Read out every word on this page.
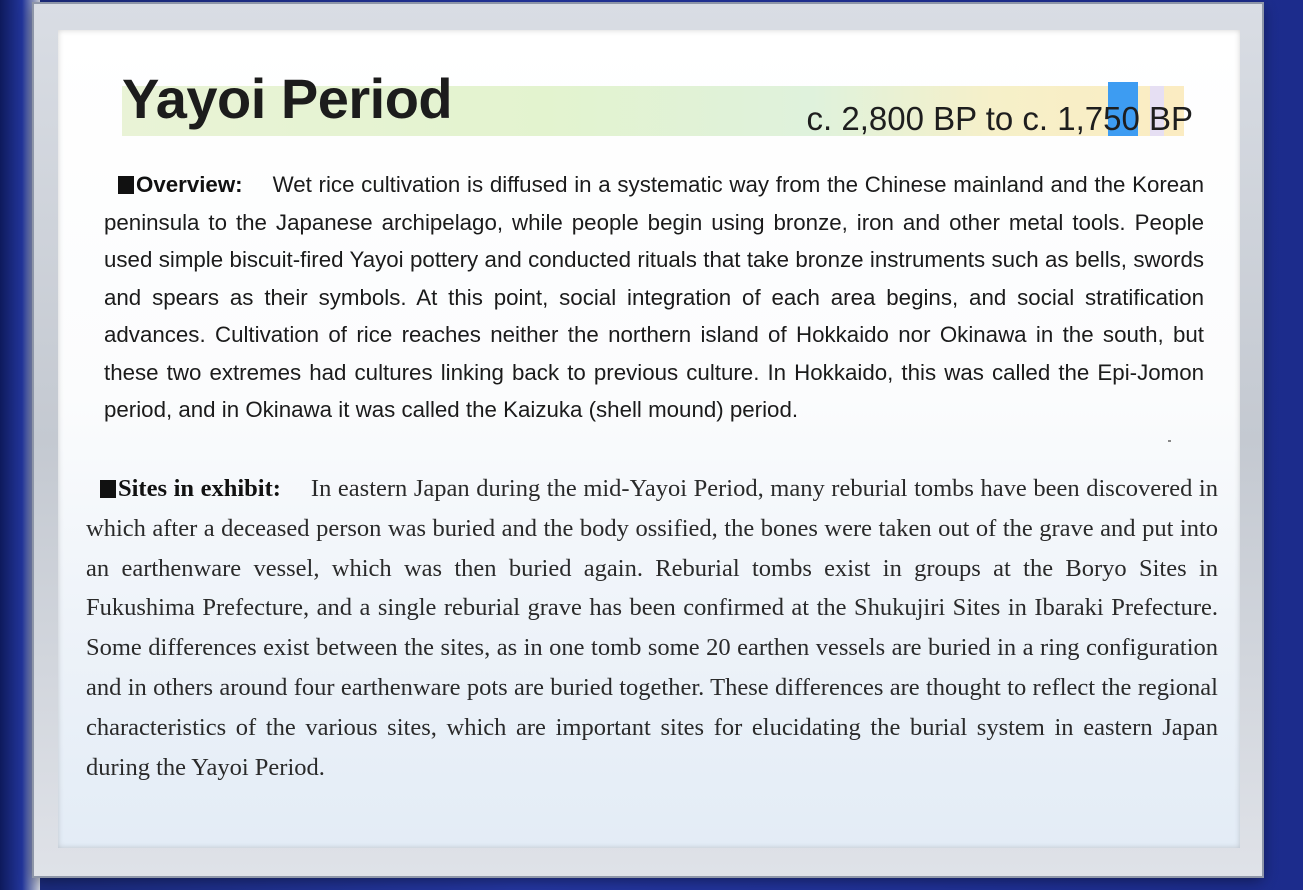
Yayoi Period	c. 2,800 BP to c. 1,750 BP

Overview: Wet rice cultivation is diffused in a systematic way from the Chinese mainland and the Korean peninsula to the Japanese archipelago, while people begin using bronze, iron and other metal tools. People used simple biscuit-fired Yayoi pottery and conducted rituals that take bronze instruments such as bells, swords and spears as their symbols. At this point, social integration of each area begins, and social stratification advances. Cultivation of rice reaches neither the northern island of Hokkaido nor Okinawa in the south, but these two extremes had cultures linking back to previous culture. In Hokkaido, this was called the Epi-Jomon period, and in Okinawa it was called the Kaizuka (shell mound) period.

Sites in exhibit: In eastern Japan during the mid-Yayoi Period, many reburial tombs have been discovered in which after a deceased person was buried and the body ossified, the bones were taken out of the grave and put into an earthenware vessel, which was then buried again. Reburial tombs exist in groups at the Boryo Sites in Fukushima Prefecture, and a single reburial grave has been confirmed at the Shukujiri Sites in Ibaraki Prefecture. Some differences exist between the sites, as in one tomb some 20 earthen vessels are buried in a ring configuration and in others around four earthenware pots are buried together. These differences are thought to reflect the regional characteristics of the various sites, which are important sites for elucidating the burial system in eastern Japan during the Yayoi Period.
